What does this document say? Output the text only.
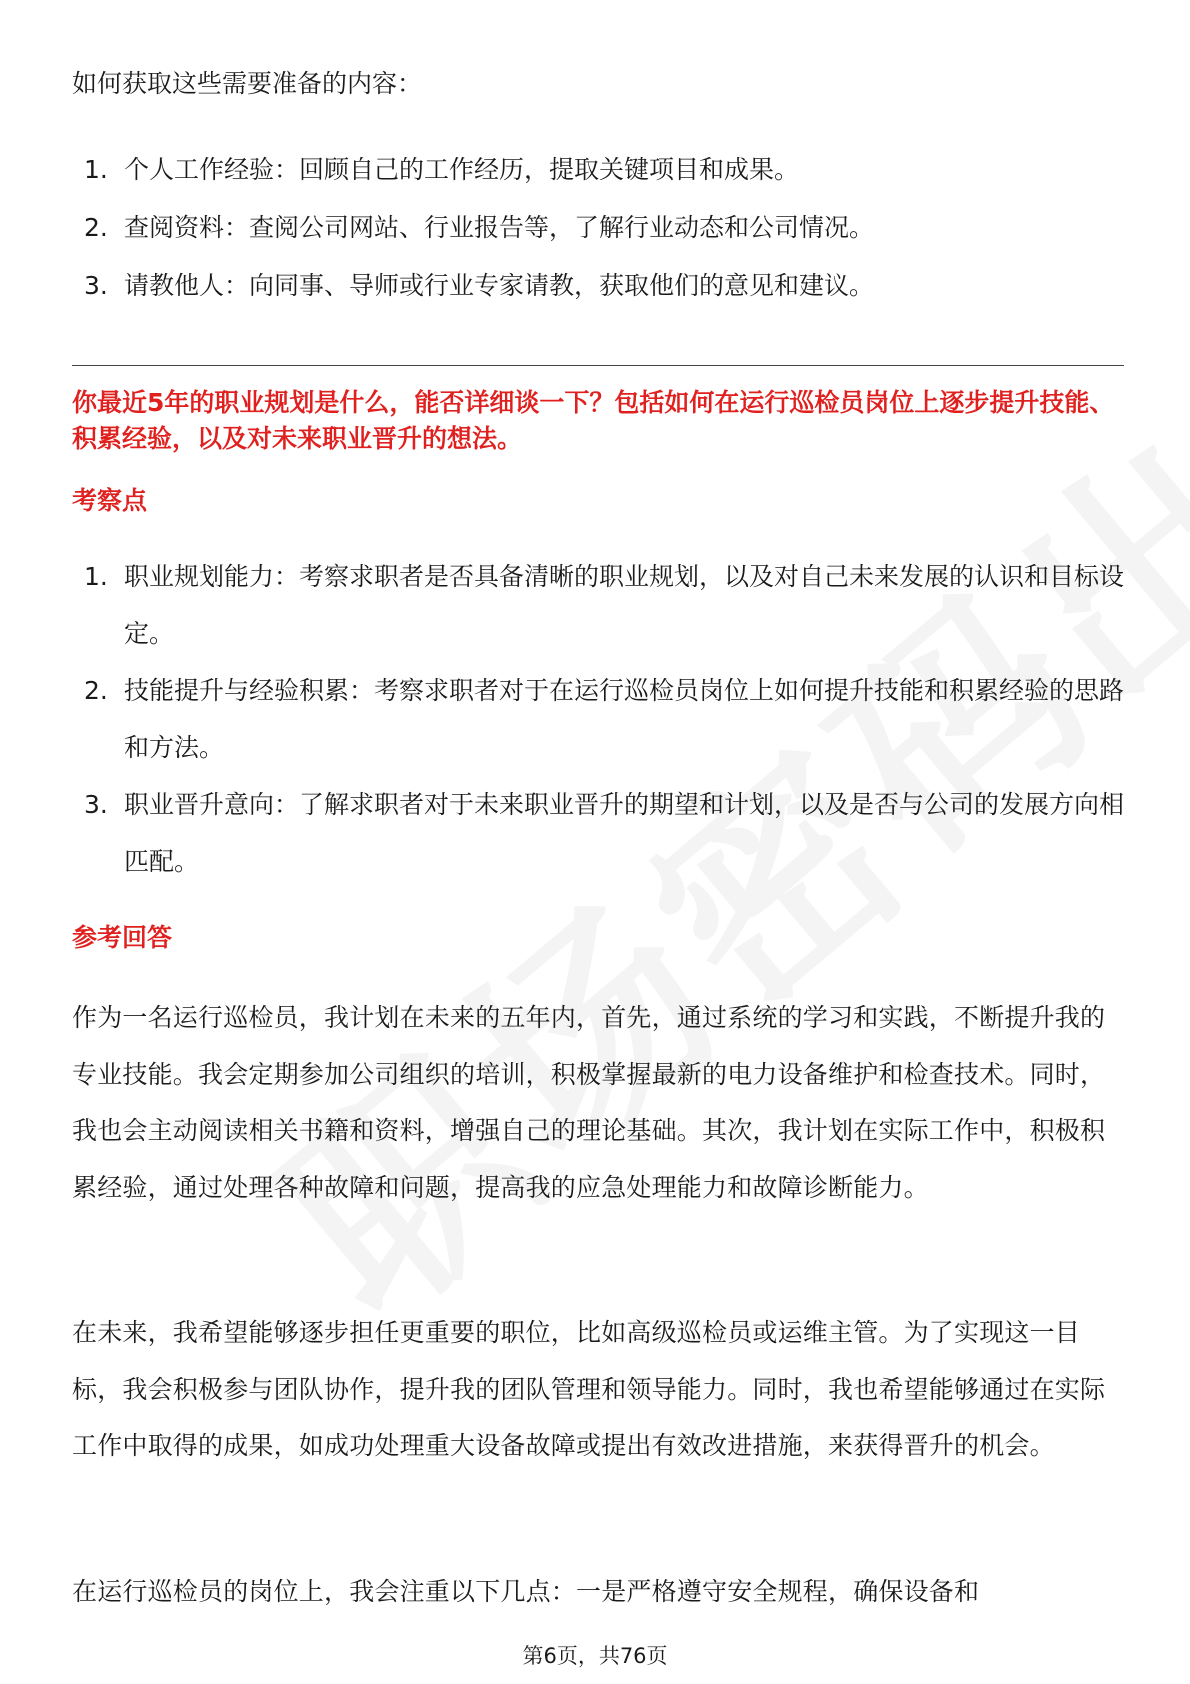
如何获取这些需要准备的内容：

1. 个人工作经验：回顾自己的工作经历，提取关键项目和成果。
2. 查阅资料：查阅公司网站、行业报告等，了解行业动态和公司情况。
3. 请教他人：向同事、导师或行业专家请教，获取他们的意见和建议。

你最近5年的职业规划是什么，能否详细谈一下？包括如何在运行巡检员岗位上逐步提升技能、积累经验，以及对未来职业晋升的想法。

考察点
1. 职业规划能力：考察求职者是否具备清晰的职业规划，以及对自己未来发展的认识和目标设定。
2. 技能提升与经验积累：考察求职者对于在运行巡检员岗位上如何提升技能和积累经验的思路和方法。
3. 职业晋升意向：了解求职者对于未来职业晋升的期望和计划，以及是否与公司的发展方向相匹配。
参考回答

作为一名运行巡检员，我计划在未来的五年内，首先，通过系统的学习和实践，不断提升我的专业技能。我会定期参加公司组织的培训，积极掌握最新的电力设备维护和检查技术。同时，我也会主动阅读相关书籍和资料，增强自己的理论基础。其次，我计划在实际工作中，积极积累经验，通过处理各种故障和问题，提高我的应急处理能力和故障诊断能力。

在未来，我希望能够逐步担任更重要的职位，比如高级巡检员或运维主管。为了实现这一目标，我会积极参与团队协作，提升我的团队管理和领导能力。同时，我也希望能够通过在实际工作中取得的成果，如成功处理重大设备故障或提出有效改进措施，来获得晋升的机会。

在运行巡检员的岗位上，我会注重以下几点：一是严格遵守安全规程，确保设备和

第6页，共76页
